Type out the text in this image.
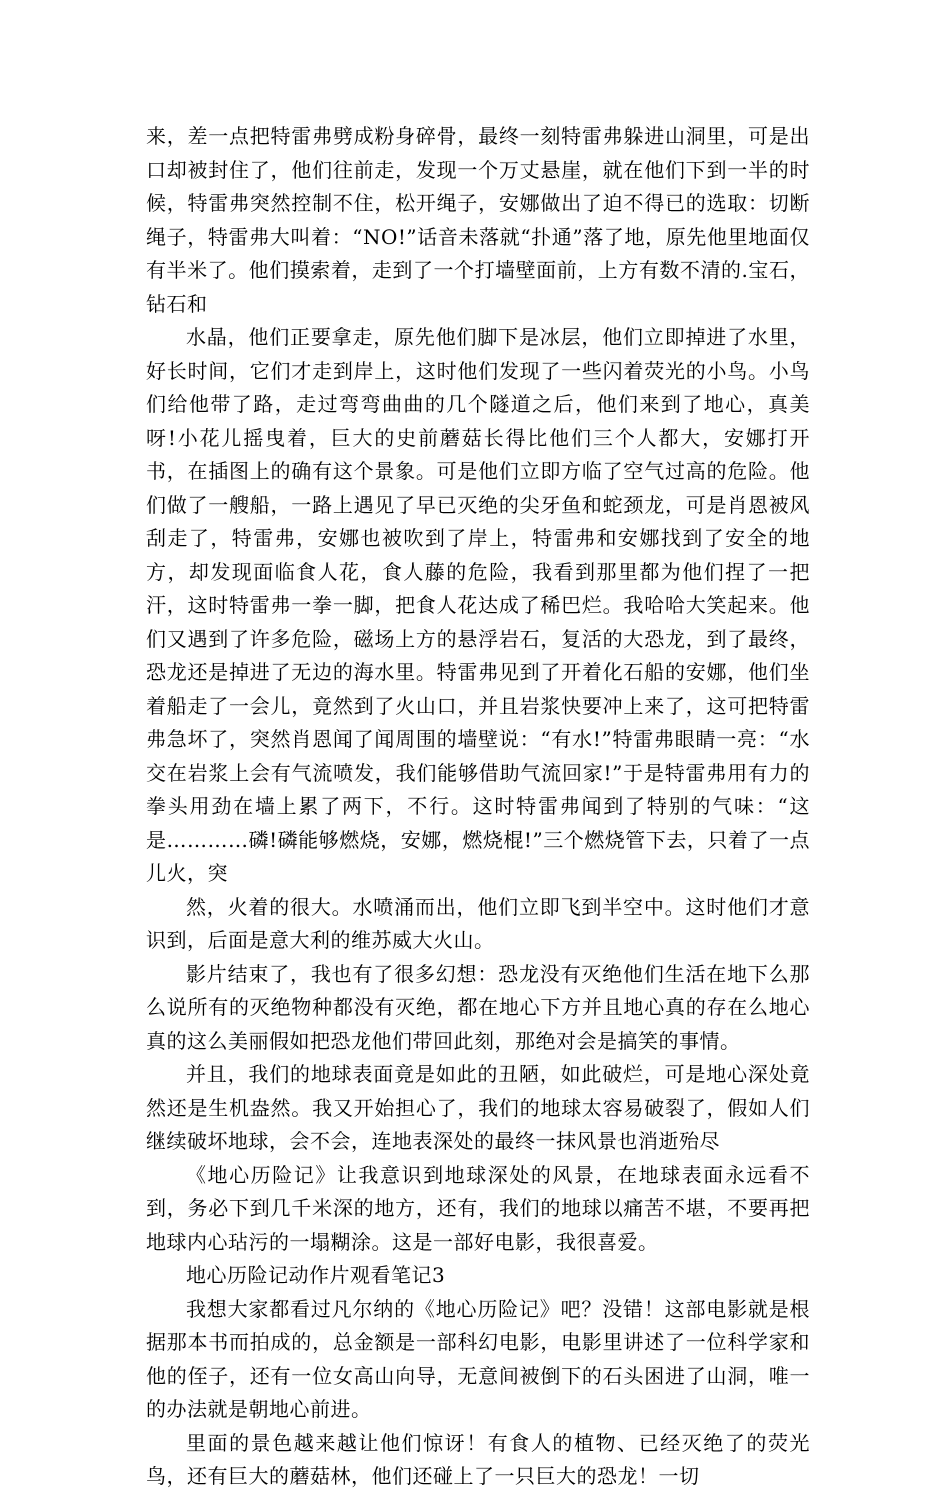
来，差一点把特雷弗劈成粉身碎骨，最终一刻特雷弗躲进山洞里，可是出口却被封住了，他们往前走，发现一个万丈悬崖，就在他们下到一半的时候，特雷弗突然控制不住，松开绳子，安娜做出了迫不得已的选取：切断绳子，特雷弗大叫着：“NO!”话音未落就“扑通”落了地，原先他里地面仅有半米了。他们摸索着，走到了一个打墙壁面前，上方有数不清的.宝石，钻石和

水晶，他们正要拿走，原先他们脚下是冰层，他们立即掉进了水里，好长时间，它们才走到岸上，这时他们发现了一些闪着荧光的小鸟。小鸟们给他带了路，走过弯弯曲曲的几个隧道之后，他们来到了地心，真美呀!小花儿摇曳着，巨大的史前蘑菇长得比他们三个人都大，安娜打开书，在插图上的确有这个景象。可是他们立即方临了空气过高的危险。他们做了一艘船，一路上遇见了早已灭绝的尖牙鱼和蛇颈龙，可是肖恩被风刮走了，特雷弗，安娜也被吹到了岸上，特雷弗和安娜找到了安全的地方，却发现面临食人花，食人藤的危险，我看到那里都为他们捏了一把汗，这时特雷弗一拳一脚，把食人花达成了稀巴烂。我哈哈大笑起来。他们又遇到了许多危险，磁场上方的悬浮岩石，复活的大恐龙，到了最终，恐龙还是掉进了无边的海水里。特雷弗见到了开着化石船的安娜，他们坐着船走了一会儿，竟然到了火山口，并且岩浆快要冲上来了，这可把特雷弗急坏了，突然肖恩闻了闻周围的墙壁说：“有水!”特雷弗眼睛一亮：“水交在岩浆上会有气流喷发，我们能够借助气流回家!”于是特雷弗用有力的拳头用劲在墙上累了两下，不行。这时特雷弗闻到了特别的气味：“这是…………磷!磷能够燃烧，安娜，燃烧棍!”三个燃烧管下去，只着了一点儿火，突

然，火着的很大。水喷涌而出，他们立即飞到半空中。这时他们才意识到，后面是意大利的维苏威大火山。

影片结束了，我也有了很多幻想：恐龙没有灭绝他们生活在地下么那么说所有的灭绝物种都没有灭绝，都在地心下方并且地心真的存在么地心真的这么美丽假如把恐龙他们带回此刻，那绝对会是搞笑的事情。

并且，我们的地球表面竟是如此的丑陋，如此破烂，可是地心深处竟然还是生机盎然。我又开始担心了，我们的地球太容易破裂了，假如人们继续破坏地球，会不会，连地表深处的最终一抹风景也消逝殆尽

《地心历险记》让我意识到地球深处的风景，在地球表面永远看不到，务必下到几千米深的地方，还有，我们的地球以痛苦不堪，不要再把地球内心玷污的一塌糊涂。这是一部好电影，我很喜爱。

地心历险记动作片观看笔记3

我想大家都看过凡尔纳的《地心历险记》吧？没错！这部电影就是根据那本书而拍成的，总金额是一部科幻电影，电影里讲述了一位科学家和他的侄子，还有一位女高山向导，无意间被倒下的石头困进了山洞，唯一的办法就是朝地心前进。

里面的景色越来越让他们惊讶！有食人的植物、已经灭绝了的荧光鸟，还有巨大的蘑菇林，他们还碰上了一只巨大的恐龙！一切
